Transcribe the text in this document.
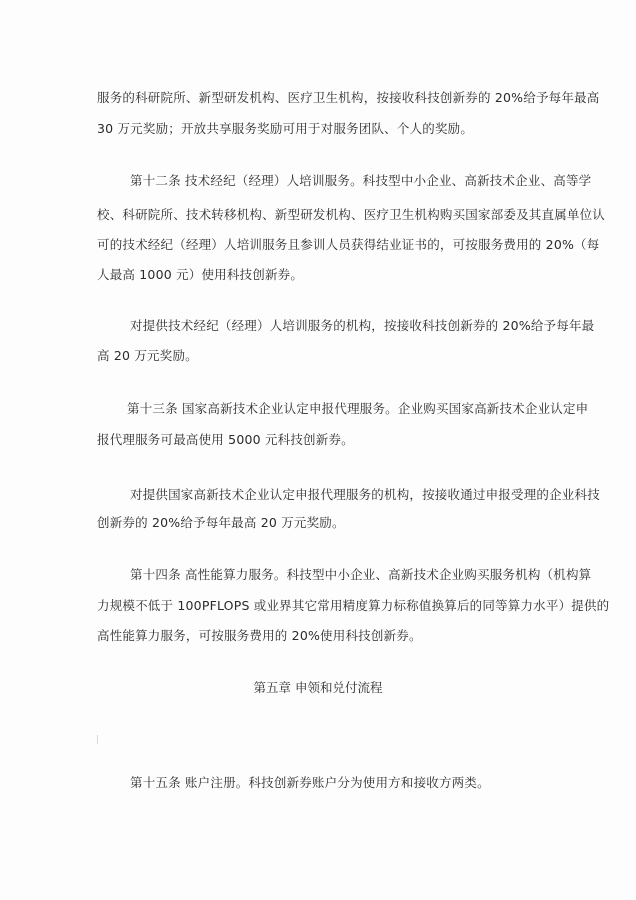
服务的科研院所、新型研发机构、医疗卫生机构，按接收科技创新券的 20%给予每年最高
30 万元奖励；开放共享服务奖励可用于对服务团队、个人的奖励。
第十二条 技术经纪（经理）人培训服务。科技型中小企业、高新技术企业、高等学
校、科研院所、技术转移机构、新型研发机构、医疗卫生机构购买国家部委及其直属单位认
可的技术经纪（经理）人培训服务且参训人员获得结业证书的，可按服务费用的 20%（每
人最高 1000 元）使用科技创新券。
对提供技术经纪（经理）人培训服务的机构，按接收科技创新券的 20%给予每年最
高 20 万元奖励。
第十三条 国家高新技术企业认定申报代理服务。企业购买国家高新技术企业认定申
报代理服务可最高使用 5000 元科技创新券。
对提供国家高新技术企业认定申报代理服务的机构，按接收通过申报受理的企业科技
创新券的 20%给予每年最高 20 万元奖励。
第十四条 高性能算力服务。科技型中小企业、高新技术企业购买服务机构（机构算
力规模不低于 100PFLOPS 或业界其它常用精度算力标称值换算后的同等算力水平）提供的
高性能算力服务，可按服务费用的 20%使用科技创新券。
第五章 申领和兑付流程
第十五条 账户注册。科技创新券账户分为使用方和接收方两类。
